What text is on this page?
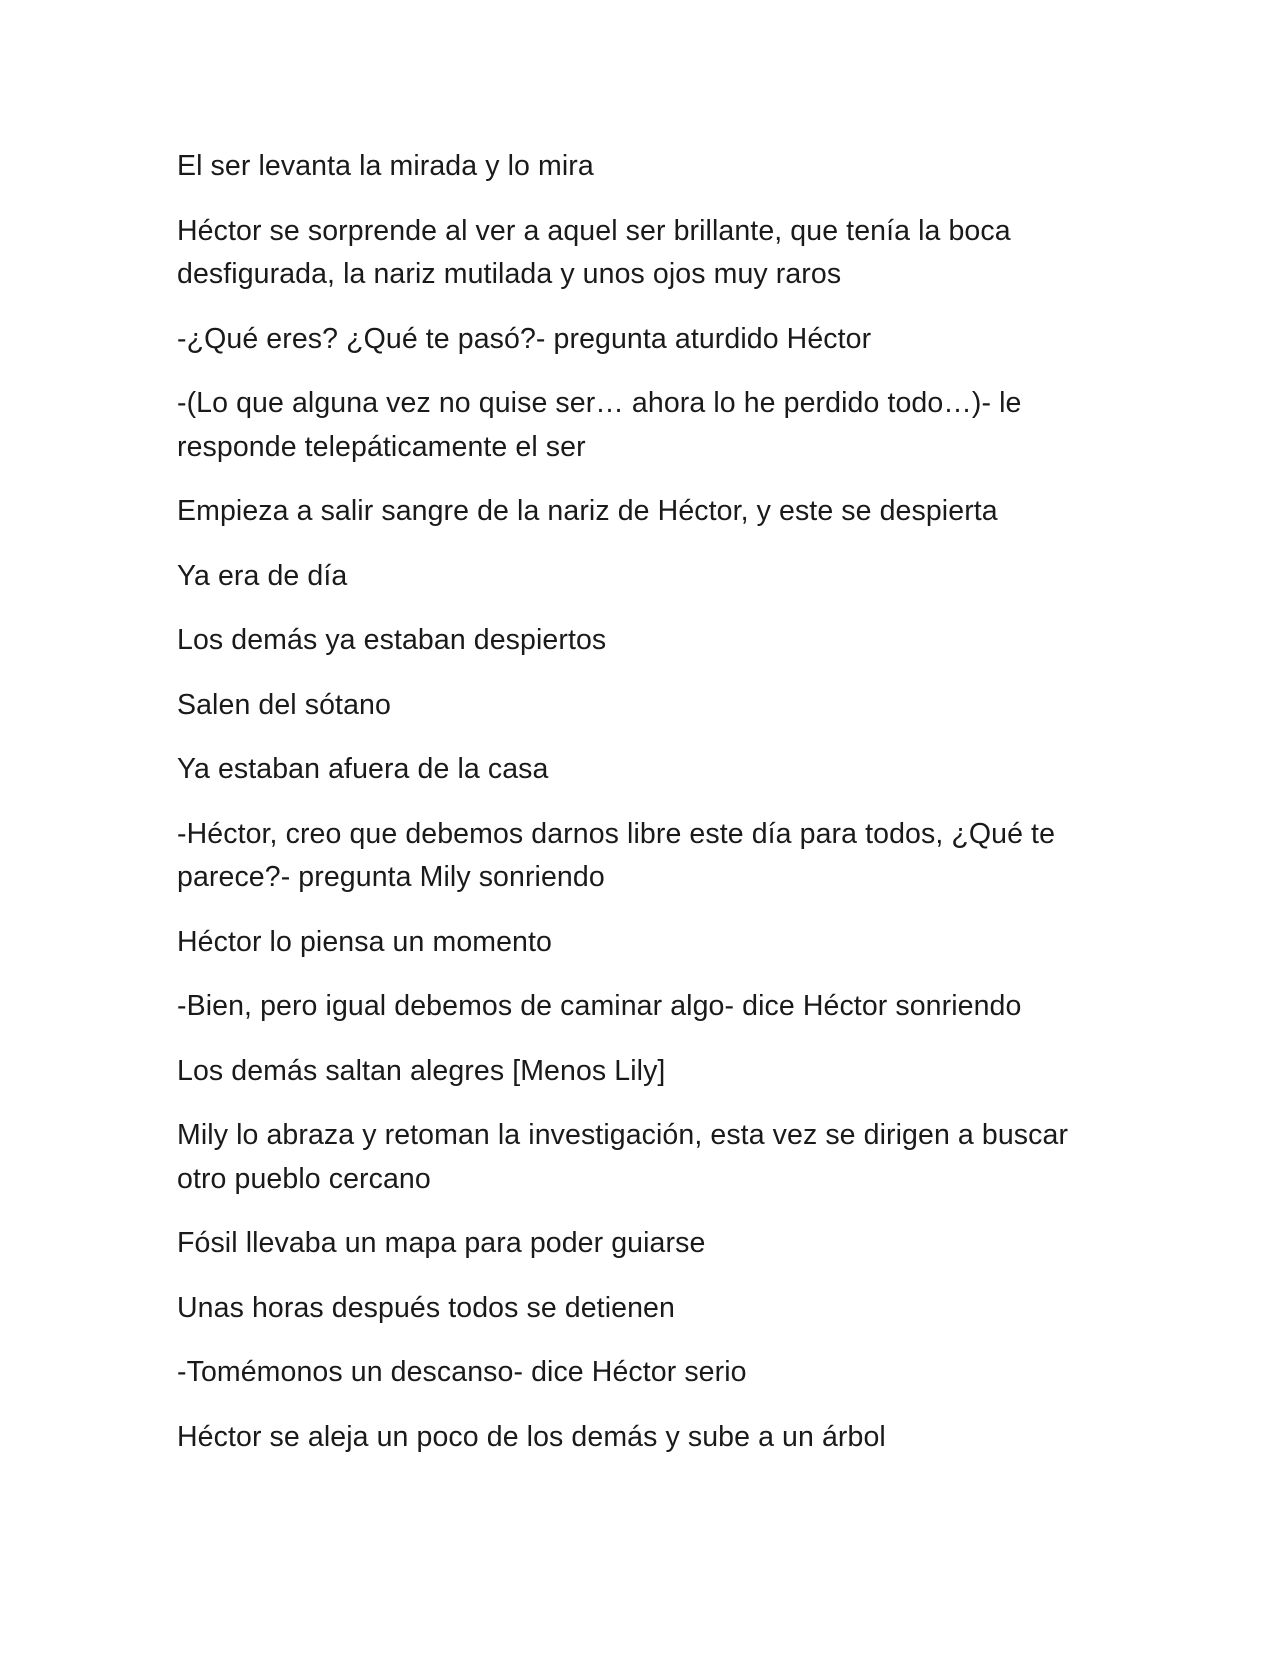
El ser levanta la mirada y lo mira

Héctor se sorprende al ver a aquel ser brillante, que tenía la boca desfigurada, la nariz mutilada y unos ojos muy raros

-¿Qué eres? ¿Qué te pasó?- pregunta aturdido Héctor

-(Lo que alguna vez no quise ser… ahora lo he perdido todo…)- le responde telepáticamente el ser

Empieza a salir sangre de la nariz de Héctor, y este se despierta

Ya era de día

Los demás ya estaban despiertos

Salen del sótano

Ya estaban afuera de la casa

-Héctor, creo que debemos darnos libre este día para todos, ¿Qué te parece?- pregunta Mily sonriendo

Héctor lo piensa un momento

-Bien, pero igual debemos de caminar algo- dice Héctor sonriendo

Los demás saltan alegres [Menos Lily]

Mily lo abraza y retoman la investigación, esta vez se dirigen a buscar otro pueblo cercano

Fósil llevaba un mapa para poder guiarse

Unas horas después todos se detienen

-Tomémonos un descanso- dice Héctor serio

Héctor se aleja un poco de los demás y sube a un árbol
